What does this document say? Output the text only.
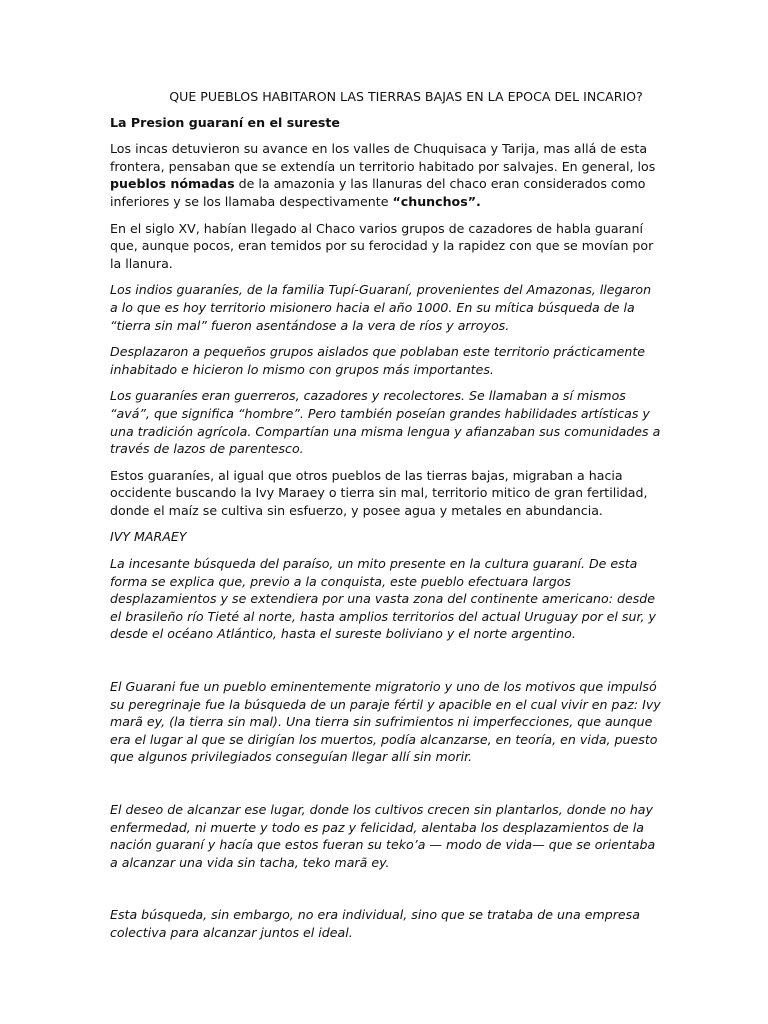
QUE PUEBLOS HABITARON LAS TIERRAS BAJAS EN LA EPOCA DEL INCARIO?
La Presion guaraní en el sureste

Los incas detuvieron su avance en los valles de Chuquisaca y Tarija, mas allá de esta frontera, pensaban que se extendía un territorio habitado por salvajes. En general, los pueblos nómadas de la amazonia y las llanuras del chaco eran considerados como inferiores y se los llamaba despectivamente “chunchos”.

En el siglo XV, habían llegado al Chaco varios grupos de cazadores de habla guaraní que, aunque pocos, eran temidos por su ferocidad y la rapidez con que se movían por la llanura.

Los indios guaraníes, de la familia Tupí-Guaraní, provenientes del Amazonas, llegaron a lo que es hoy territorio misionero hacia el año 1000. En su mítica búsqueda de la “tierra sin mal” fueron asentándose a la vera de ríos y arroyos.

Desplazaron a pequeños grupos aislados que poblaban este territorio prácticamente inhabitado e hicieron lo mismo con grupos más importantes.

Los guaraníes eran guerreros, cazadores y recolectores. Se llamaban a sí mismos “avá”, que significa “hombre”. Pero también poseían grandes habilidades artísticas y una tradición agrícola. Compartían una misma lengua y afianzaban sus comunidades a través de lazos de parentesco.

Estos guaraníes, al igual que otros pueblos de las tierras bajas, migraban a hacia occidente buscando la Ivy Maraey o tierra sin mal, territorio mitico de gran fertilidad, donde el maíz se cultiva sin esfuerzo, y posee agua y metales en abundancia.

IVY MARAEY

La incesante búsqueda del paraíso, un mito presente en la cultura guaraní. De esta forma se explica que, previo a la conquista, este pueblo efectuara largos desplazamientos y se extendiera por una vasta zona del continente americano: desde el brasileño río Tieté al norte, hasta amplios territorios del actual Uruguay por el sur, y desde el océano Atlántico, hasta el sureste boliviano y el norte argentino.

El Guarani fue un pueblo eminentemente migratorio y uno de los motivos que impulsó su peregrinaje fue la búsqueda de un paraje fértil y apacible en el cual vivir en paz: Ivy marã ey, (la tierra sin mal). Una tierra sin sufrimientos ni imperfecciones, que aunque era el lugar al que se dirigían los muertos, podía alcanzarse, en teoría, en vida, puesto que algunos privilegiados conseguían llegar allí sin morir.

El deseo de alcanzar ese lugar, donde los cultivos crecen sin plantarlos, donde no hay enfermedad, ni muerte y todo es paz y felicidad, alentaba los desplazamientos de la nación guaraní y hacía que estos fueran su teko’a — modo de vida— que se orientaba a alcanzar una vida sin tacha, teko marã ey.

Esta búsqueda, sin embargo, no era individual, sino que se trataba de una empresa colectiva para alcanzar juntos el ideal.
